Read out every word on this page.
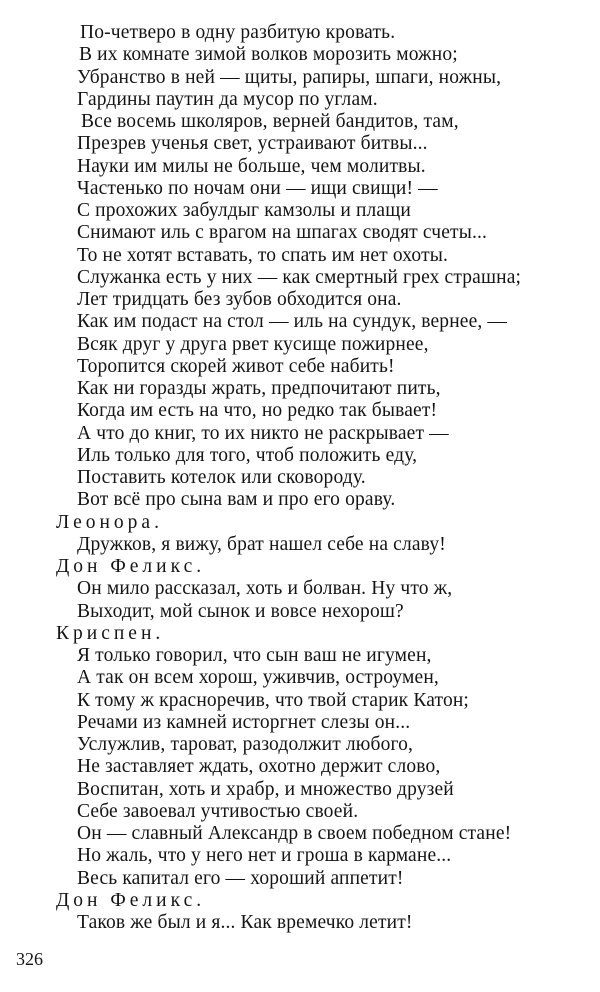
По-четверо в одну разбитую кровать.
В их комнате зимой волков морозить можно;
Убранство в ней — щиты, рапиры, шпаги, ножны,
Гардины паутин да мусор по углам.
Все восемь школяров, верней бандитов, там,
Презрев ученья свет, устраивают битвы...
Науки им милы не больше, чем молитвы.
Частенько по ночам они — ищи свищи! —
С прохожих забулдыг камзолы и плащи
Снимают иль с врагом на шпагах сводят счеты...
То не хотят вставать, то спать им нет охоты.
Служанка есть у них — как смертный грех страшна;
Лет тридцать без зубов обходится она.
Как им подаст на стол — иль на сундук, вернее, —
Всяк друг у друга рвет кусище пожирнее,
Торопится скорей живот себе набить!
Как ни горазды жрать, предпочитают пить,
Когда им есть на что, но редко так бывает!
А что до книг, то их никто не раскрывает —
Иль только для того, чтоб положить еду,
Поставить котелок или сковороду.
Вот всё про сына вам и про его ораву.
Леонора.
Дружков, я вижу, брат нашел себе на славу!
Дон Феликс.
Он мило рассказал, хоть и болван. Ну что ж,
Выходит, мой сынок и вовсе нехорош?
Криспен.
Я только говорил, что сын ваш не игумен,
А так он всем хорош, уживчив, остроумен,
К тому ж красноречив, что твой старик Катон;
Речами из камней исторгнет слезы он...
Услужлив, тароват, разодолжит любого,
Не заставляет ждать, охотно держит слово,
Воспитан, хоть и храбр, и множество друзей
Себе завоевал учтивостью своей.
Он — славный Александр в своем победном стане!
Но жаль, что у него нет и гроша в кармане...
Весь капитал его — хороший аппетит!
Дон Феликс.
Таков же был и я... Как времечко летит!
326
